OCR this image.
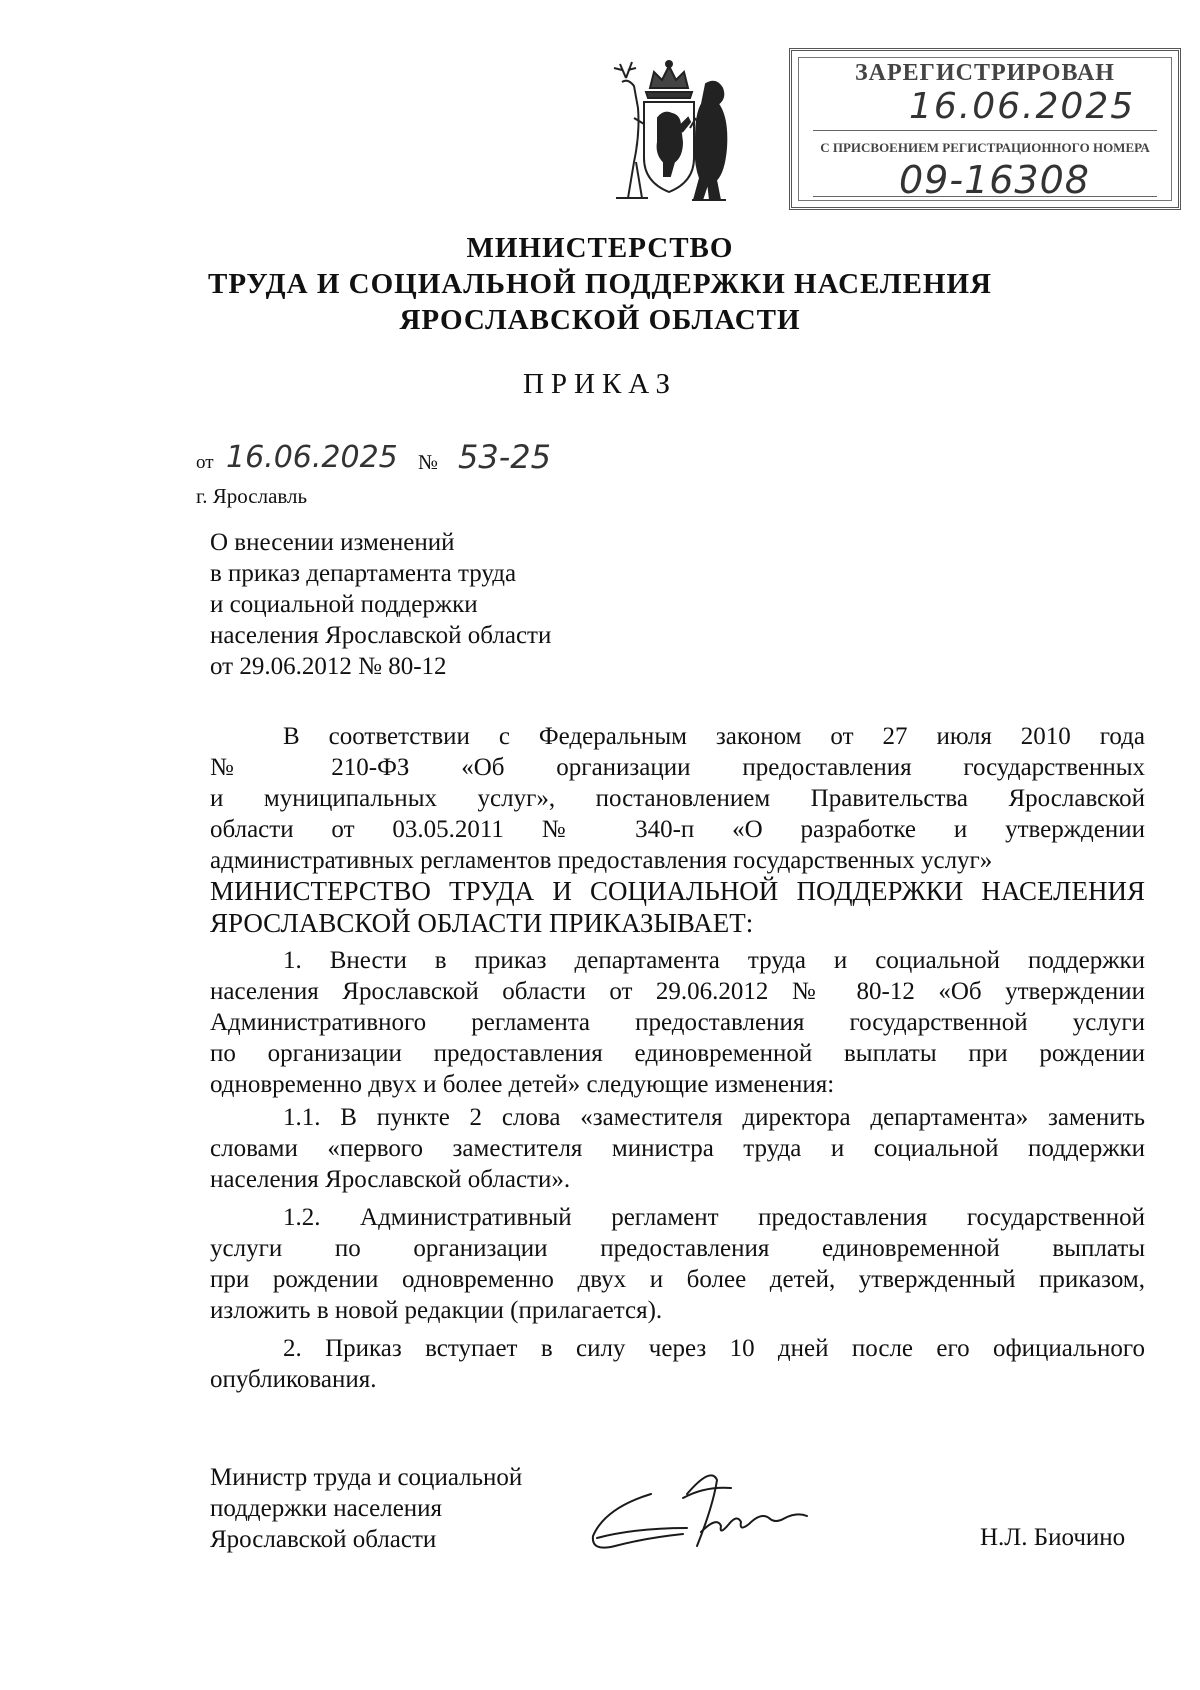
ЗАРЕГИСТРИРОВАН
16.06.2025
С ПРИСВОЕНИЕМ РЕГИСТРАЦИОННОГО НОМЕРА
09-16308
МИНИСТЕРСТВО
ТРУДА И СОЦИАЛЬНОЙ ПОДДЕРЖКИ НАСЕЛЕНИЯ
ЯРОСЛАВСКОЙ ОБЛАСТИ
ПРИКАЗ
от 16.06.2025 № 53-25
г. Ярославль
О внесении изменений
в приказ департамента труда
и социальной поддержки
населения Ярославской области
от 29.06.2012 № 80-12
В соответствии с Федеральным законом от 27 июля 2010 года
№ 210-ФЗ «Об организации предоставления государственных
и муниципальных услуг», постановлением Правительства Ярославской
области от 03.05.2011 № 340-п «О разработке и утверждении
административных регламентов предоставления государственных услуг»
МИНИСТЕРСТВО ТРУДА И СОЦИАЛЬНОЙ ПОДДЕРЖКИ НАСЕЛЕНИЯ
ЯРОСЛАВСКОЙ ОБЛАСТИ ПРИКАЗЫВАЕТ:
1. Внести в приказ департамента труда и социальной поддержки
населения Ярославской области от 29.06.2012 № 80-12 «Об утверждении
Административного регламента предоставления государственной услуги
по организации предоставления единовременной выплаты при рождении
одновременно двух и более детей» следующие изменения:
1.1. В пункте 2 слова «заместителя директора департамента» заменить
словами «первого заместителя министра труда и социальной поддержки
населения Ярославской области».
1.2. Административный регламент предоставления государственной
услуги по организации предоставления единовременной выплаты
при рождении одновременно двух и более детей, утвержденный приказом,
изложить в новой редакции (прилагается).
2. Приказ вступает в силу через 10 дней после его официального
опубликования.
Министр труда и социальной
поддержки населения
Ярославской области	Н.Л. Биочино
